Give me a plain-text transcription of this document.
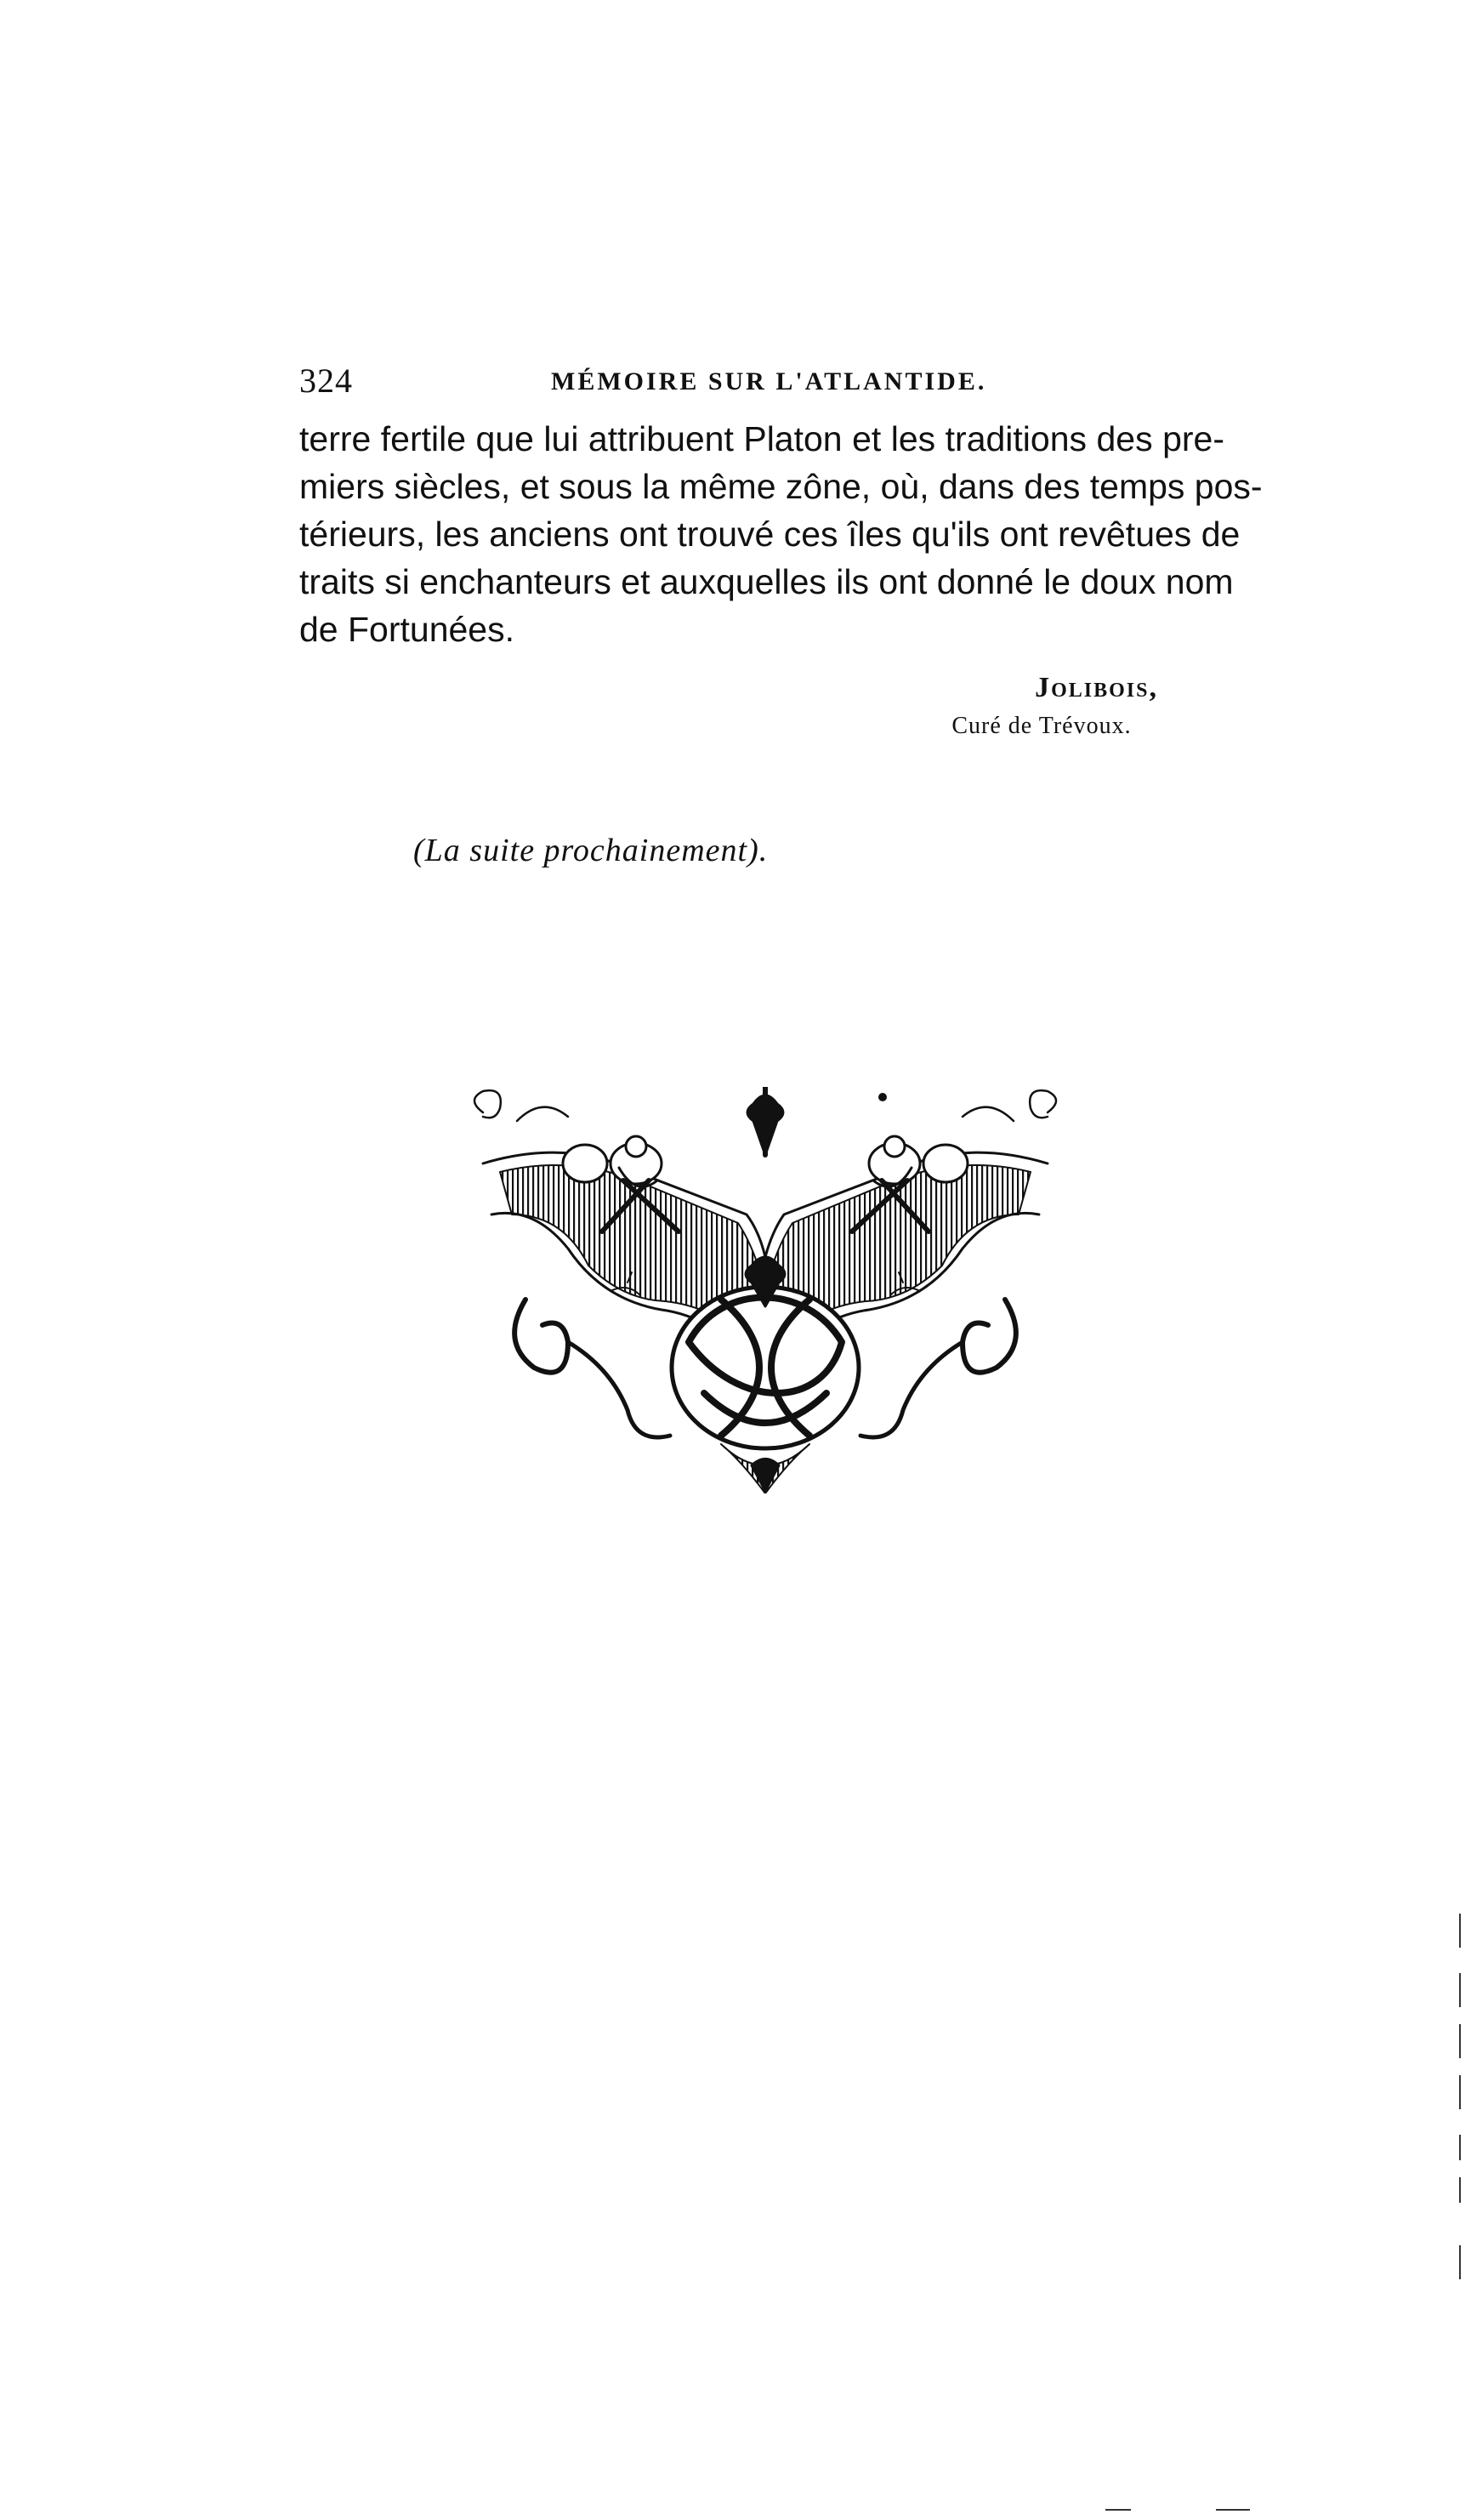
324	MÉMOIRE SUR L'ATLANTIDE.
terre fertile que lui attribuent Platon et les traditions des pre-
miers siècles, et sous la même zône, où, dans des temps pos-
térieurs, les anciens ont trouvé ces îles qu'ils ont revêtues de
traits si enchanteurs et auxquelles ils ont donné le doux nom
de Fortunées.
Jolibois,
Curé de Trévoux.
(La suite prochainement).
